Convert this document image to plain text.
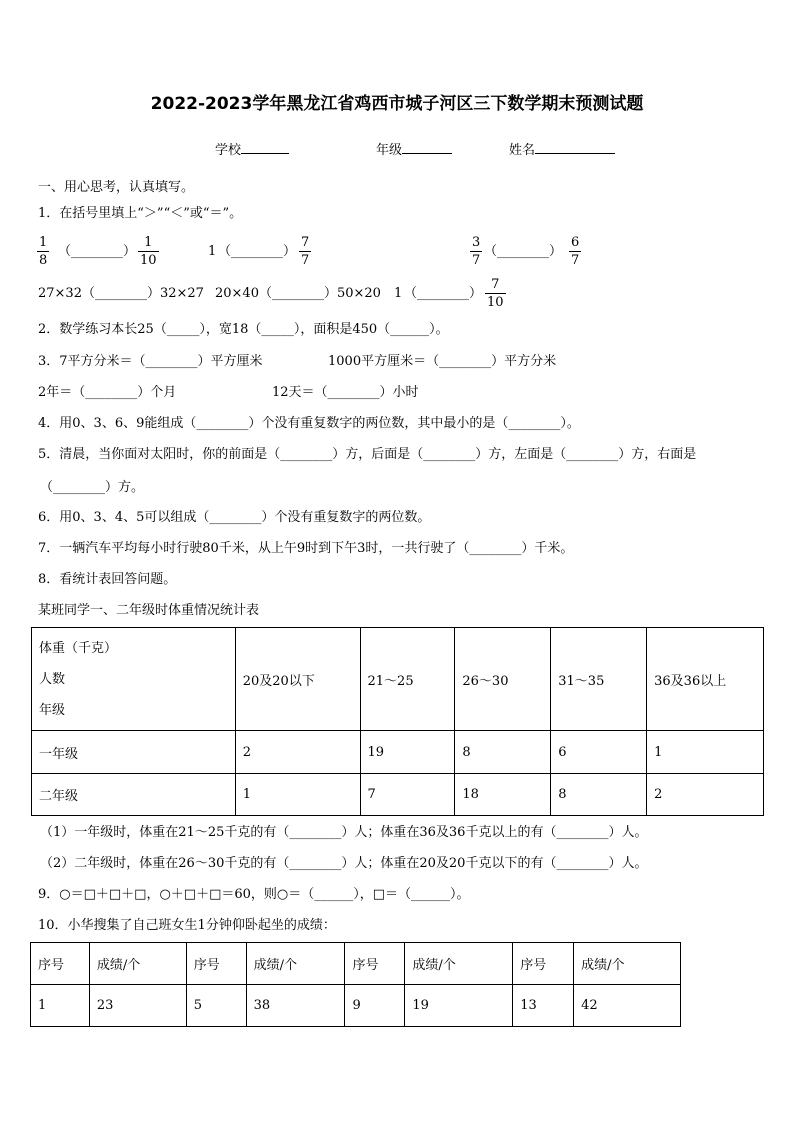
2022-2023学年黑龙江省鸡西市城子河区三下数学期末预测试题
学校	年级	姓名
一、用心思考，认真填写。
1．在括号里填上“＞”“＜”或“＝”。
1
8
（________）
1
10
1 （________）
7
7
3
7
（________）
6
7
27×32（________）32×27 20×40（________）50×20 1 （________）
7
10
2．数学练习本长25（_____），宽18（_____），面积是450（______）。
3．7平方分米＝（________）平方厘米	1000平方厘米＝（________）平方分米
2年＝（________）个月	12天＝（________）小时
4．用0、3、6、9能组成（________）个没有重复数字的两位数，其中最小的是（________）。
5．清晨，当你面对太阳时，你的前面是（________）方，后面是（________）方，左面是（________）方，右面是
（________）方。
6．用0、3、4、5可以组成（________）个没有重复数字的两位数。
7．一辆汽车平均每小时行驶80千米，从上午9时到下午3时，一共行驶了（________）千米。
8．看统计表回答问题。
某班同学一、二年级时体重情况统计表
体重（千克）
人数
年级	20及20以下	21～25	26～30	31～35	36及36以上
一年级	2	19	8	6	1
二年级	1	7	18	8	2
（1）一年级时，体重在21～25千克的有（________）人；体重在36及36千克以上的有（________）人。
（2）二年级时，体重在26～30千克的有（________）人；体重在20及20千克以下的有（________）人。
9．○＝□＋□＋□，○＋□＋□＝60，则○＝（______），□＝（______）。
10．小华搜集了自己班女生1分钟仰卧起坐的成绩：
序号	成绩/个	序号	成绩/个	序号	成绩/个	序号	成绩/个
1	23	5	38	9	19	13	42
